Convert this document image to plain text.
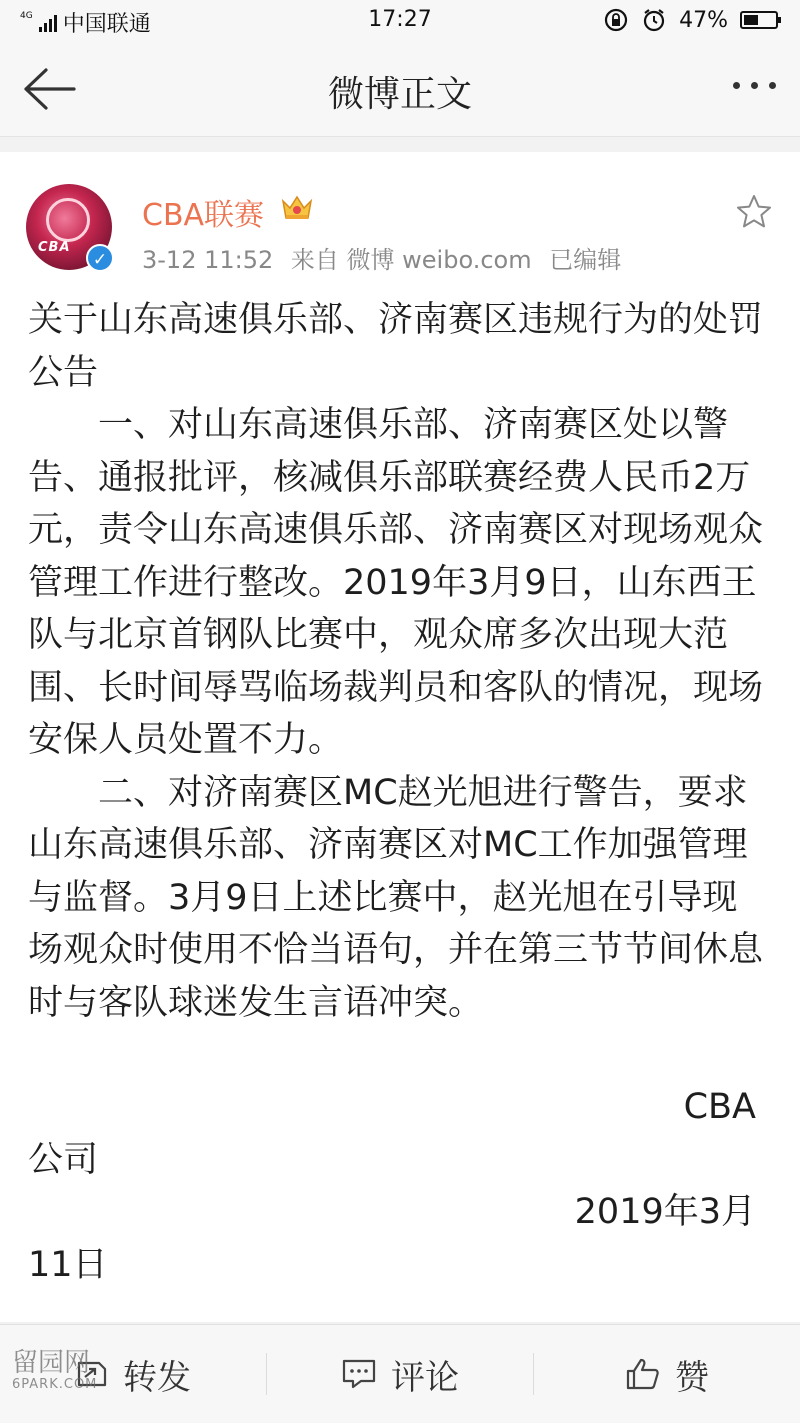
4G 中国联通	17:27	47%
微博正文
CBA
✓
CBA联赛
3-12 11:52 来自 微博 weibo.com 已编辑

关于山东高速俱乐部、济南赛区违规行为的处罚公告

一、对山东高速俱乐部、济南赛区处以警告、通报批评，核减俱乐部联赛经费人民币2万元，责令山东高速俱乐部、济南赛区对现场观众管理工作进行整改。2019年3月9日，山东西王队与北京首钢队比赛中，观众席多次出现大范围、长时间辱骂临场裁判员和客队的情况，现场安保人员处置不力。

二、对济南赛区MC赵光旭进行警告，要求山东高速俱乐部、济南赛区对MC工作加强管理与监督。3月9日上述比赛中，赵光旭在引导现场观众时使用不恰当语句，并在第三节节间休息时与客队球迷发生言语冲突。

CBA

公司

2019年3月

11日

转发	评论	赞
留园网
6PARK.COM
